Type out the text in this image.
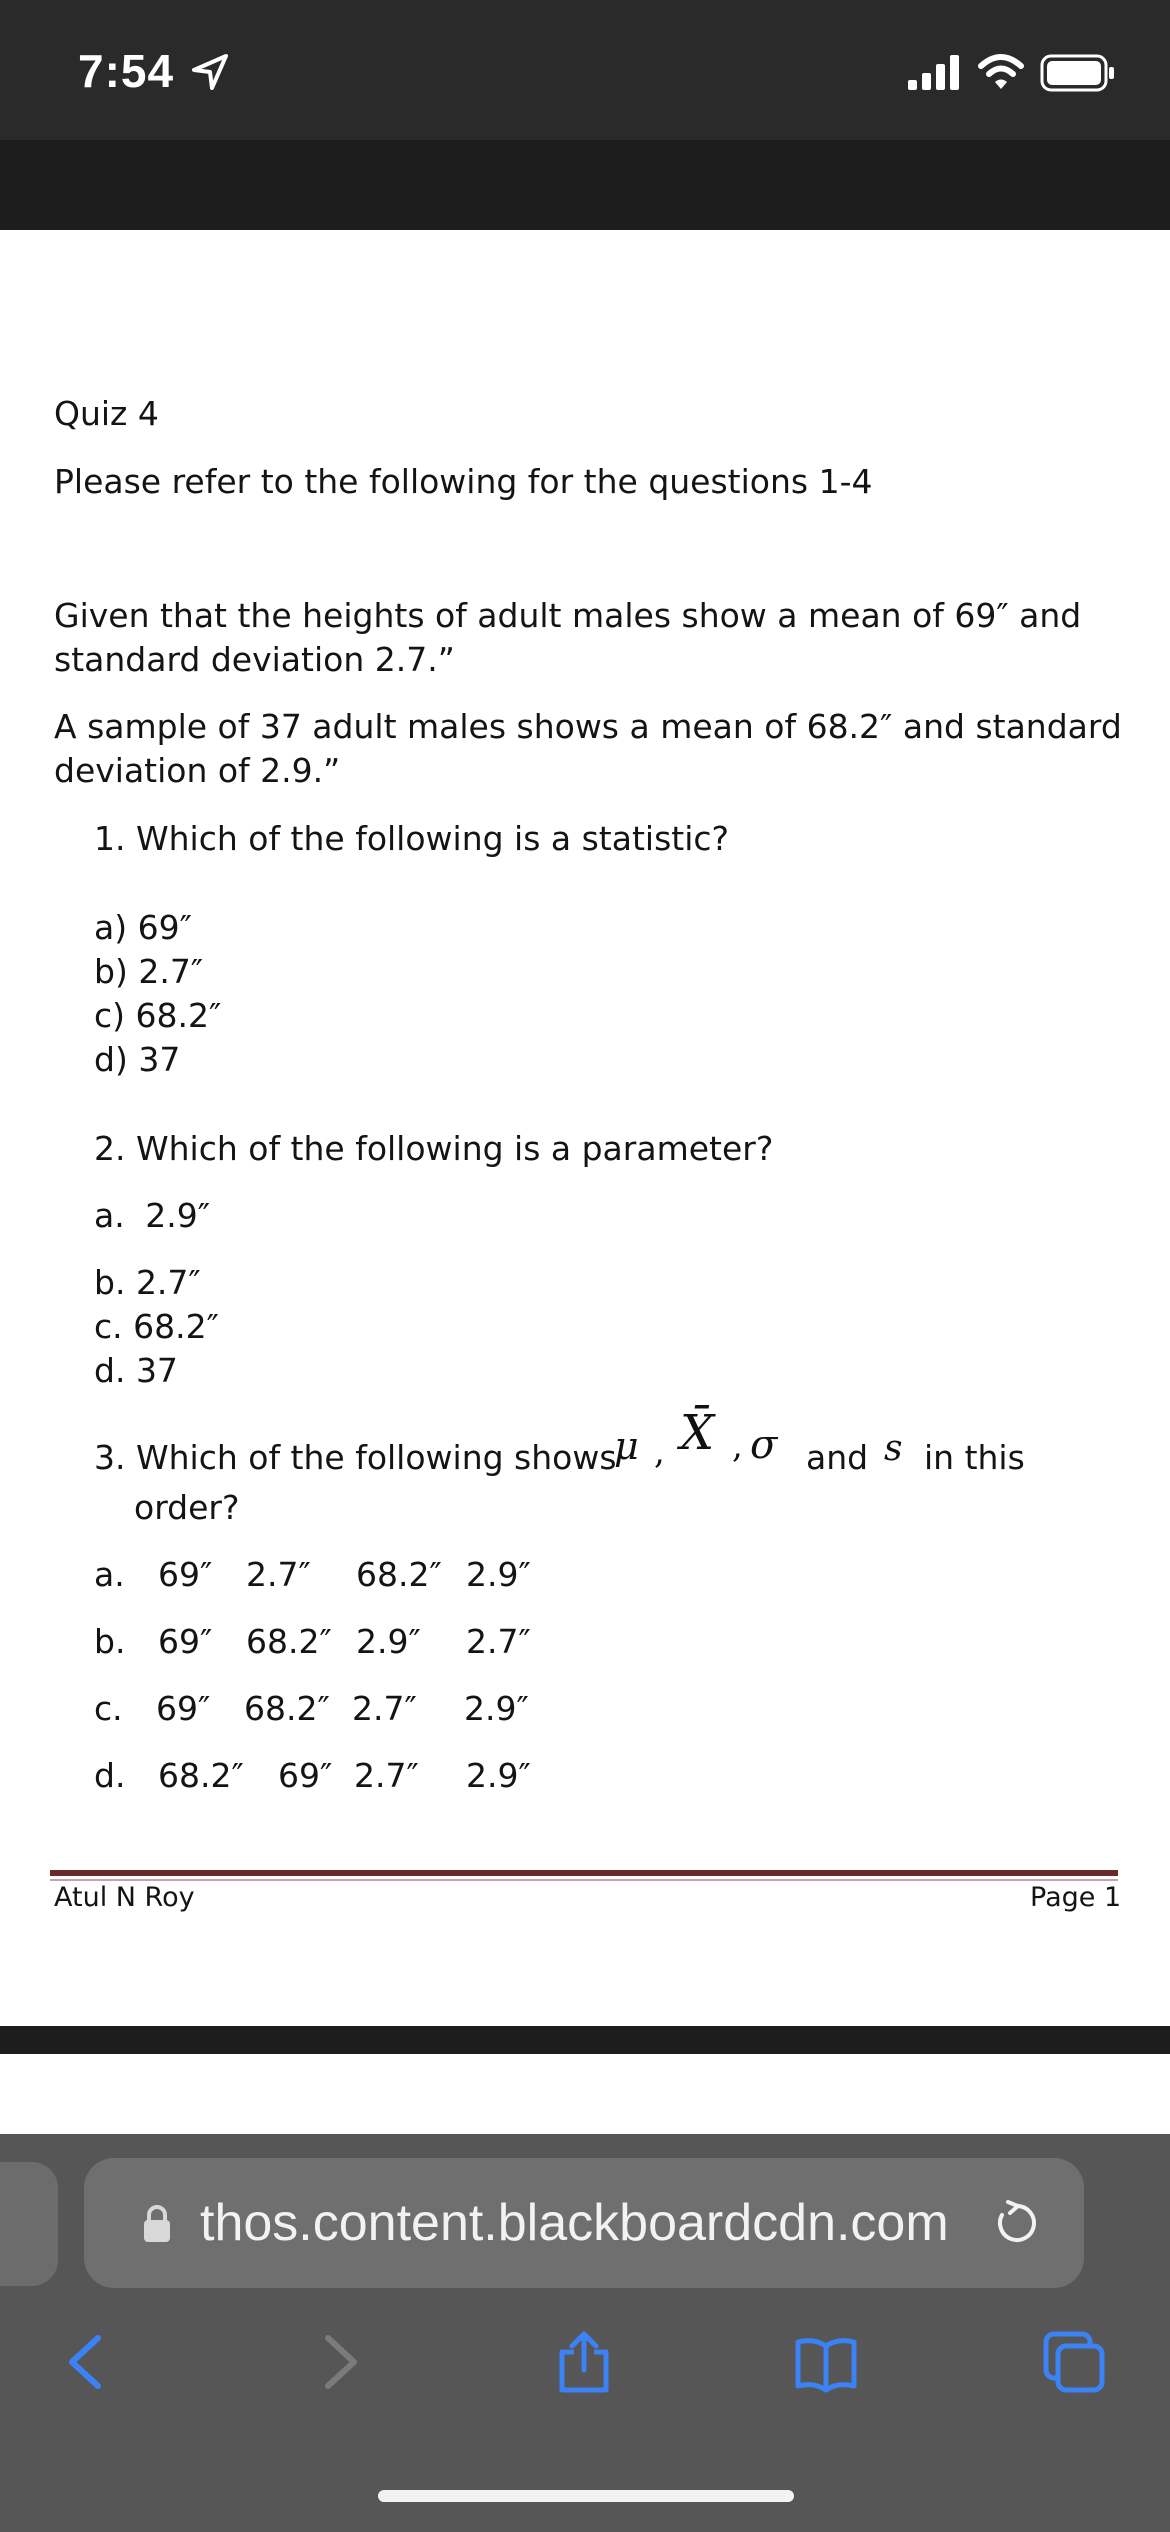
7:54
Quiz 4
Please refer to the following for the questions 1-4
Given that the heights of adult males show a mean of 69″ and
standard deviation 2.7.”
A sample of 37 adult males shows a mean of 68.2″ and standard
deviation of 2.9.”
1. Which of the following is a statistic?
a) 69″
b) 2.7″
c) 68.2″
d) 37
2. Which of the following is a parameter?
a. 2.9″
b. 2.7″
c. 68.2″
d. 37
3. Which of the following shows
μ , X̄ , σ and s in this
order?
a. 69″ 2.7″ 68.2″ 2.9″
b. 69″ 68.2″ 2.9″ 2.7″
c. 69″ 68.2″ 2.7″ 2.9″
d. 68.2″ 69″ 2.7″ 2.9″
Atul N Roy	Page 1
thos.content.blackboardcdn.com
